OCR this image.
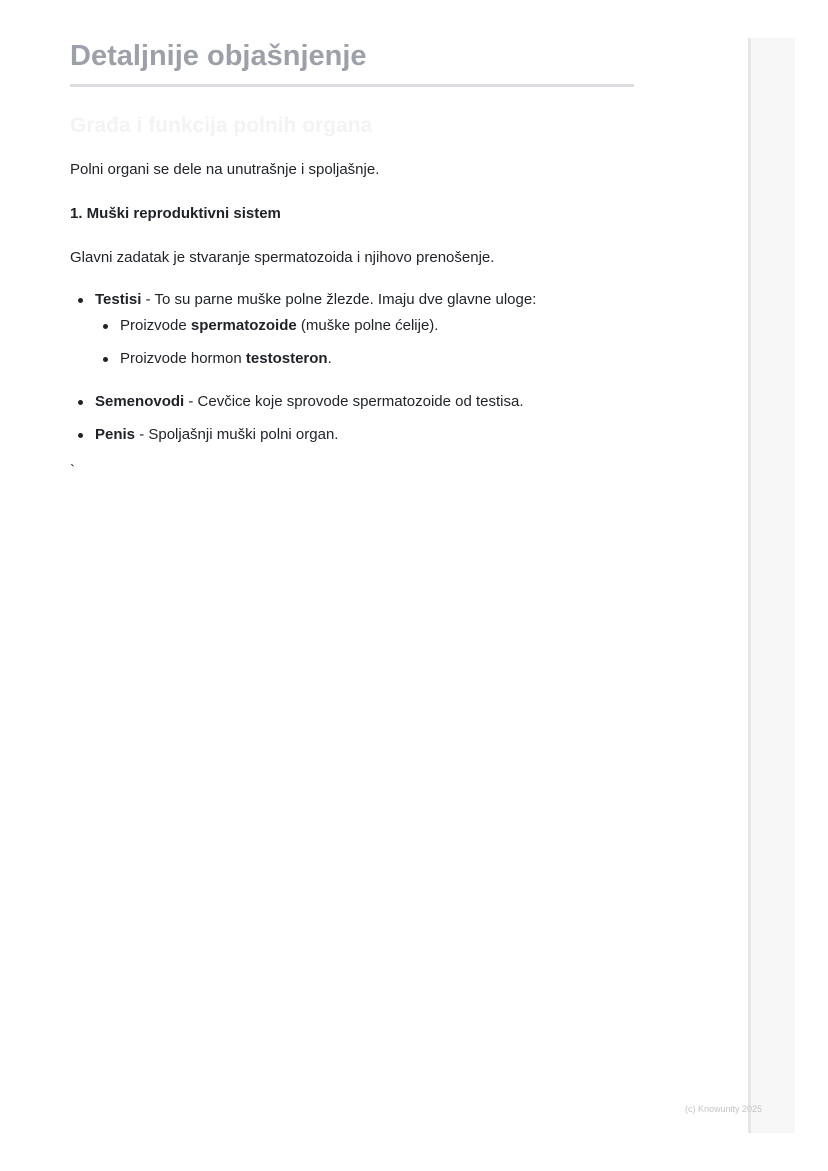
Detaljnije objašnjenje
Građa i funkcija polnih organa

Polni organi se dele na unutrašnje i spoljašnje.

1. Muški reproduktivni sistem

Glavni zadatak je stvaranje spermatozoida i njihovo prenošenje.

Testisi - To su parne muške polne žlezde. Imaju dve glavne uloge:
Proizvode spermatozoide (muške polne ćelije).
Proizvode hormon testosteron.
Semenovodi - Cevčice koje sprovode spermatozoide od testisa.
Penis - Spoljašnji muški polni organ.

`

(c) Knowunity 2025
